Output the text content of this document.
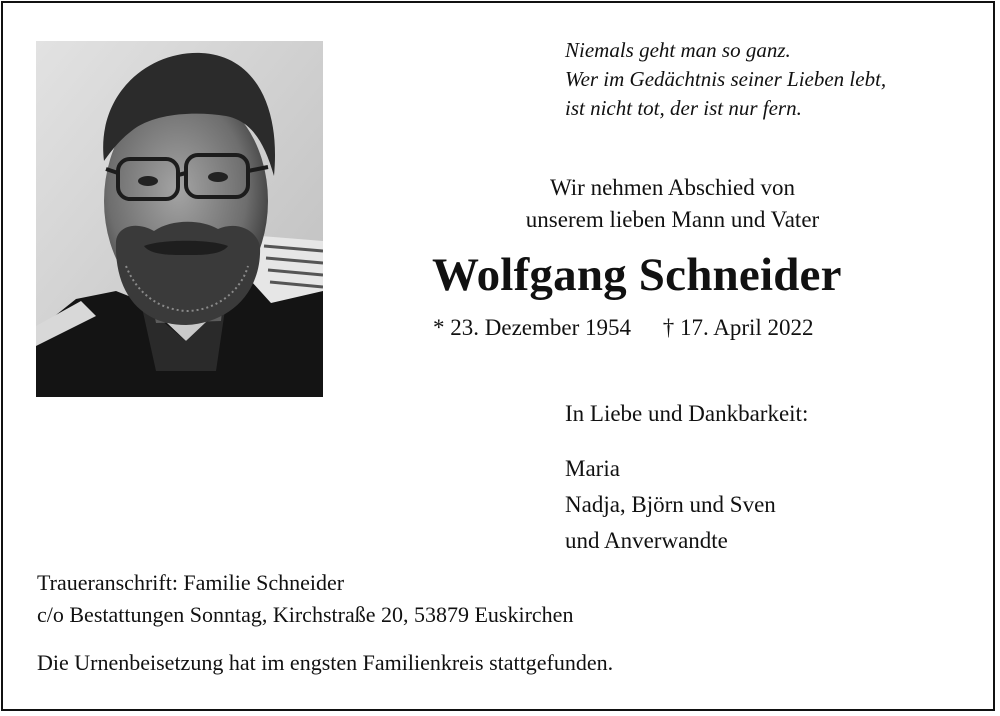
Niemals geht man so ganz.
Wer im Gedächtnis seiner Lieben lebt,
ist nicht tot, der ist nur fern.
Wir nehmen Abschied von
unserem lieben Mann und Vater
Wolfgang Schneider
* 23. Dezember 1954 † 17. April 2022
In Liebe und Dankbarkeit:
Maria
Nadja, Björn und Sven
und Anverwandte
Traueranschrift: Familie Schneider
c/o Bestattungen Sonntag, Kirchstraße 20, 53879 Euskirchen
Die Urnenbeisetzung hat im engsten Familienkreis stattgefunden.
